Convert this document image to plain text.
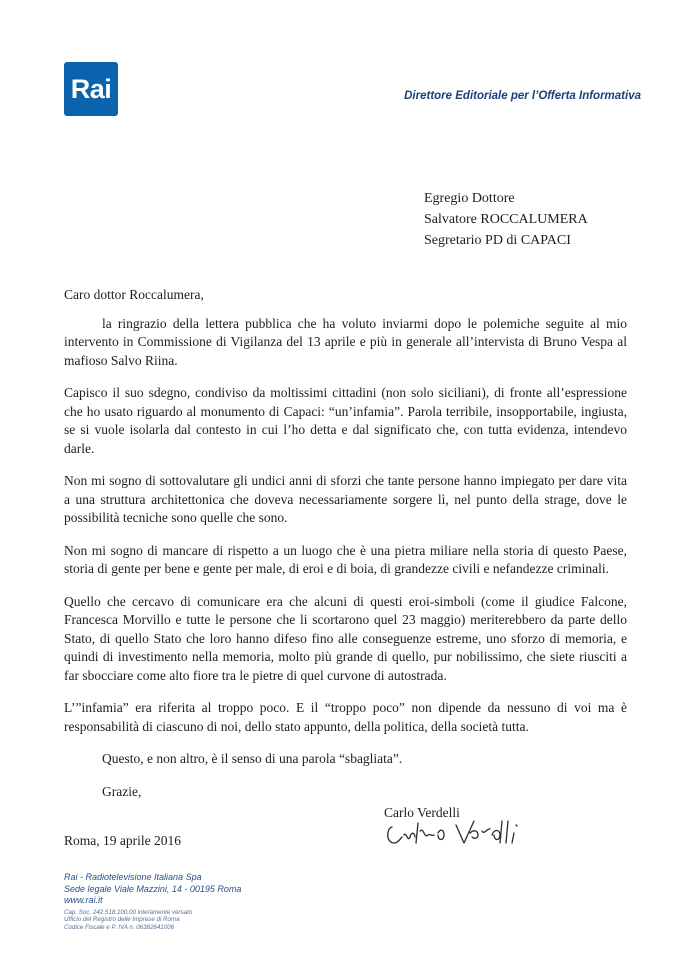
Rai	Direttore Editoriale per l’Offerta Informativa
Egregio Dottore
Salvatore ROCCALUMERA
Segretario PD di CAPACI

Caro dottor Roccalumera,

la ringrazio della lettera pubblica che ha voluto inviarmi dopo le polemiche seguite al mio intervento in Commissione di Vigilanza del 13 aprile e più in generale all’intervista di Bruno Vespa al mafioso Salvo Riina.

Capisco il suo sdegno, condiviso da moltissimi cittadini (non solo siciliani), di fronte all’espressione che ho usato riguardo al monumento di Capaci: “un’infamia”. Parola terribile, insopportabile, ingiusta, se si vuole isolarla dal contesto in cui l’ho detta e dal significato che, con tutta evidenza, intendevo darle.

Non mi sogno di sottovalutare gli undici anni di sforzi che tante persone hanno impiegato per dare vita a una struttura architettonica che doveva necessariamente sorgere lì, nel punto della strage, dove le possibilità tecniche sono quelle che sono.

Non mi sogno di mancare di rispetto a un luogo che è una pietra miliare nella storia di questo Paese, storia di gente per bene e gente per male, di eroi e di boia, di grandezze civili e nefandezze criminali.

Quello che cercavo di comunicare era che alcuni di questi eroi-simboli (come il giudice Falcone, Francesca Morvillo e tutte le persone che li scortarono quel 23 maggio) meriterebbero da parte dello Stato, di quello Stato che loro hanno difeso fino alle conseguenze estreme, uno sforzo di memoria, e quindi di investimento nella memoria, molto più grande di quello, pur nobilissimo, che siete riusciti a far sbocciare come alto fiore tra le pietre di quel curvone di autostrada.

L’”infamia” era riferita al troppo poco. E il “troppo poco” non dipende da nessuno di voi ma è responsabilità di ciascuno di noi, dello stato appunto, della politica, della società tutta.

Questo, e non altro, è il senso di una parola “sbagliata”.

Grazie,

Carlo Verdelli
Roma, 19 aprile 2016
Rai - Radiotelevisione Italiana Spa
Sede legale Viale Mazzini, 14 - 00195 Roma
www.rai.it
Cap. Soc. 242.518.100,00 interamente versato
Ufficio del Registro delle Imprese di Roma
Codice Fiscale e P. IVA n. 06382641006
